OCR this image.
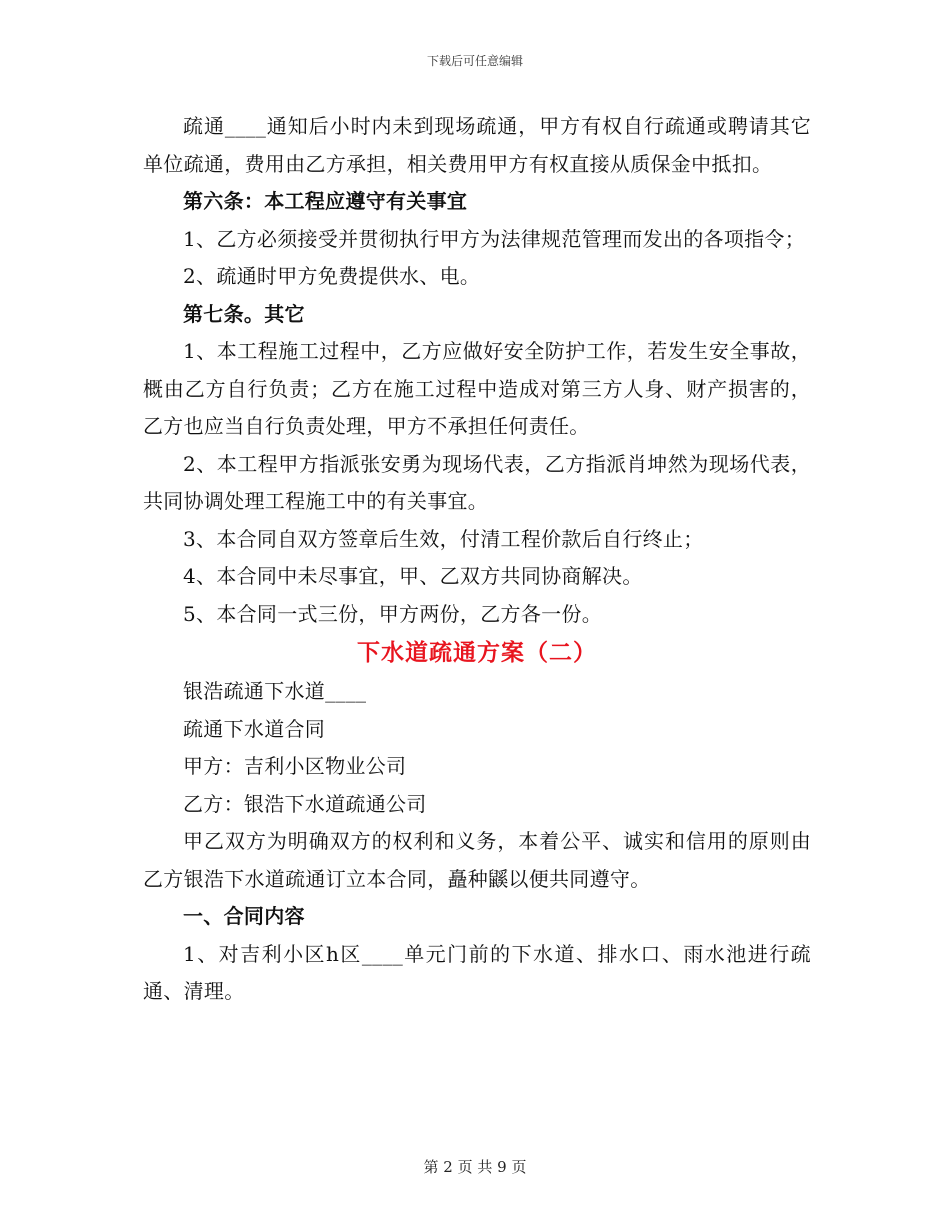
下载后可任意编辑

疏通____通知后小时内未到现场疏通，甲方有权自行疏通或聘请其它单位疏通，费用由乙方承担，相关费用甲方有权直接从质保金中抵扣。

第六条：本工程应遵守有关事宜

1、乙方必须接受并贯彻执行甲方为法律规范管理而发出的各项指令；

2、疏通时甲方免费提供水、电。

第七条。其它

1、本工程施工过程中，乙方应做好安全防护工作，若发生安全事故，概由乙方自行负责；乙方在施工过程中造成对第三方人身、财产损害的，乙方也应当自行负责处理，甲方不承担任何责任。

2、本工程甲方指派张安勇为现场代表，乙方指派肖坤然为现场代表，共同协调处理工程施工中的有关事宜。

3、本合同自双方签章后生效，付清工程价款后自行终止；

4、本合同中未尽事宜，甲、乙双方共同协商解决。

5、本合同一式三份，甲方两份，乙方各一份。

下水道疏通方案（二）

银浩疏通下水道____

疏通下水道合同

甲方：吉利小区物业公司

乙方：银浩下水道疏通公司

甲乙双方为明确双方的权利和义务，本着公平、诚实和信用的原则由乙方银浩下水道疏通订立本合同，矗种鼷以便共同遵守。

一、合同内容

1、对吉利小区h区____单元门前的下水道、排水口、雨水池进行疏通、清理。

第 2 页 共 9 页
